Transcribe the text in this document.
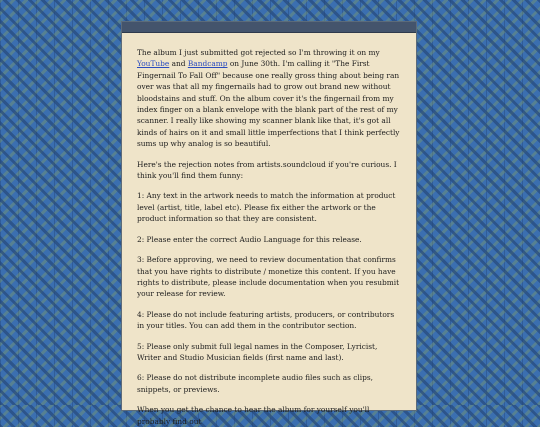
The album I just submitted got rejected so I'm throwing it on my YouTube and Bandcamp on June 30th. I'm calling it "The First Fingernail To Fall Off" because one really gross thing about being ran over was that all my fingernails had to grow out brand new without bloodstains and stuff. On the album cover it's the fingernail from my index finger on a blank envelope with the blank part of the rest of my scanner. I really like showing my scanner blank like that, it's got all kinds of hairs on it and small little imperfections that I think perfectly sums up why analog is so beautiful.

Here's the rejection notes from artists.soundcloud if you're curious. I think you'll find them funny:

1: Any text in the artwork needs to match the information at product level (artist, title, label etc). Please fix either the artwork or the product information so that they are consistent.

2: Please enter the correct Audio Language for this release.

3: Before approving, we need to review documentation that confirms that you have rights to distribute / monetize this content. If you have rights to distribute, please include documentation when you resubmit your release for review.

4: Please do not include featuring artists, producers, or contributors in your titles. You can add them in the contributor section.

5: Please only submit full legal names in the Composer, Lyricist, Writer and Studio Musician fields (first name and last).

6: Please do not distribute incomplete audio files such as clips, snippets, or previews.

When you get the chance to hear the album for yourself you'll probably find out
